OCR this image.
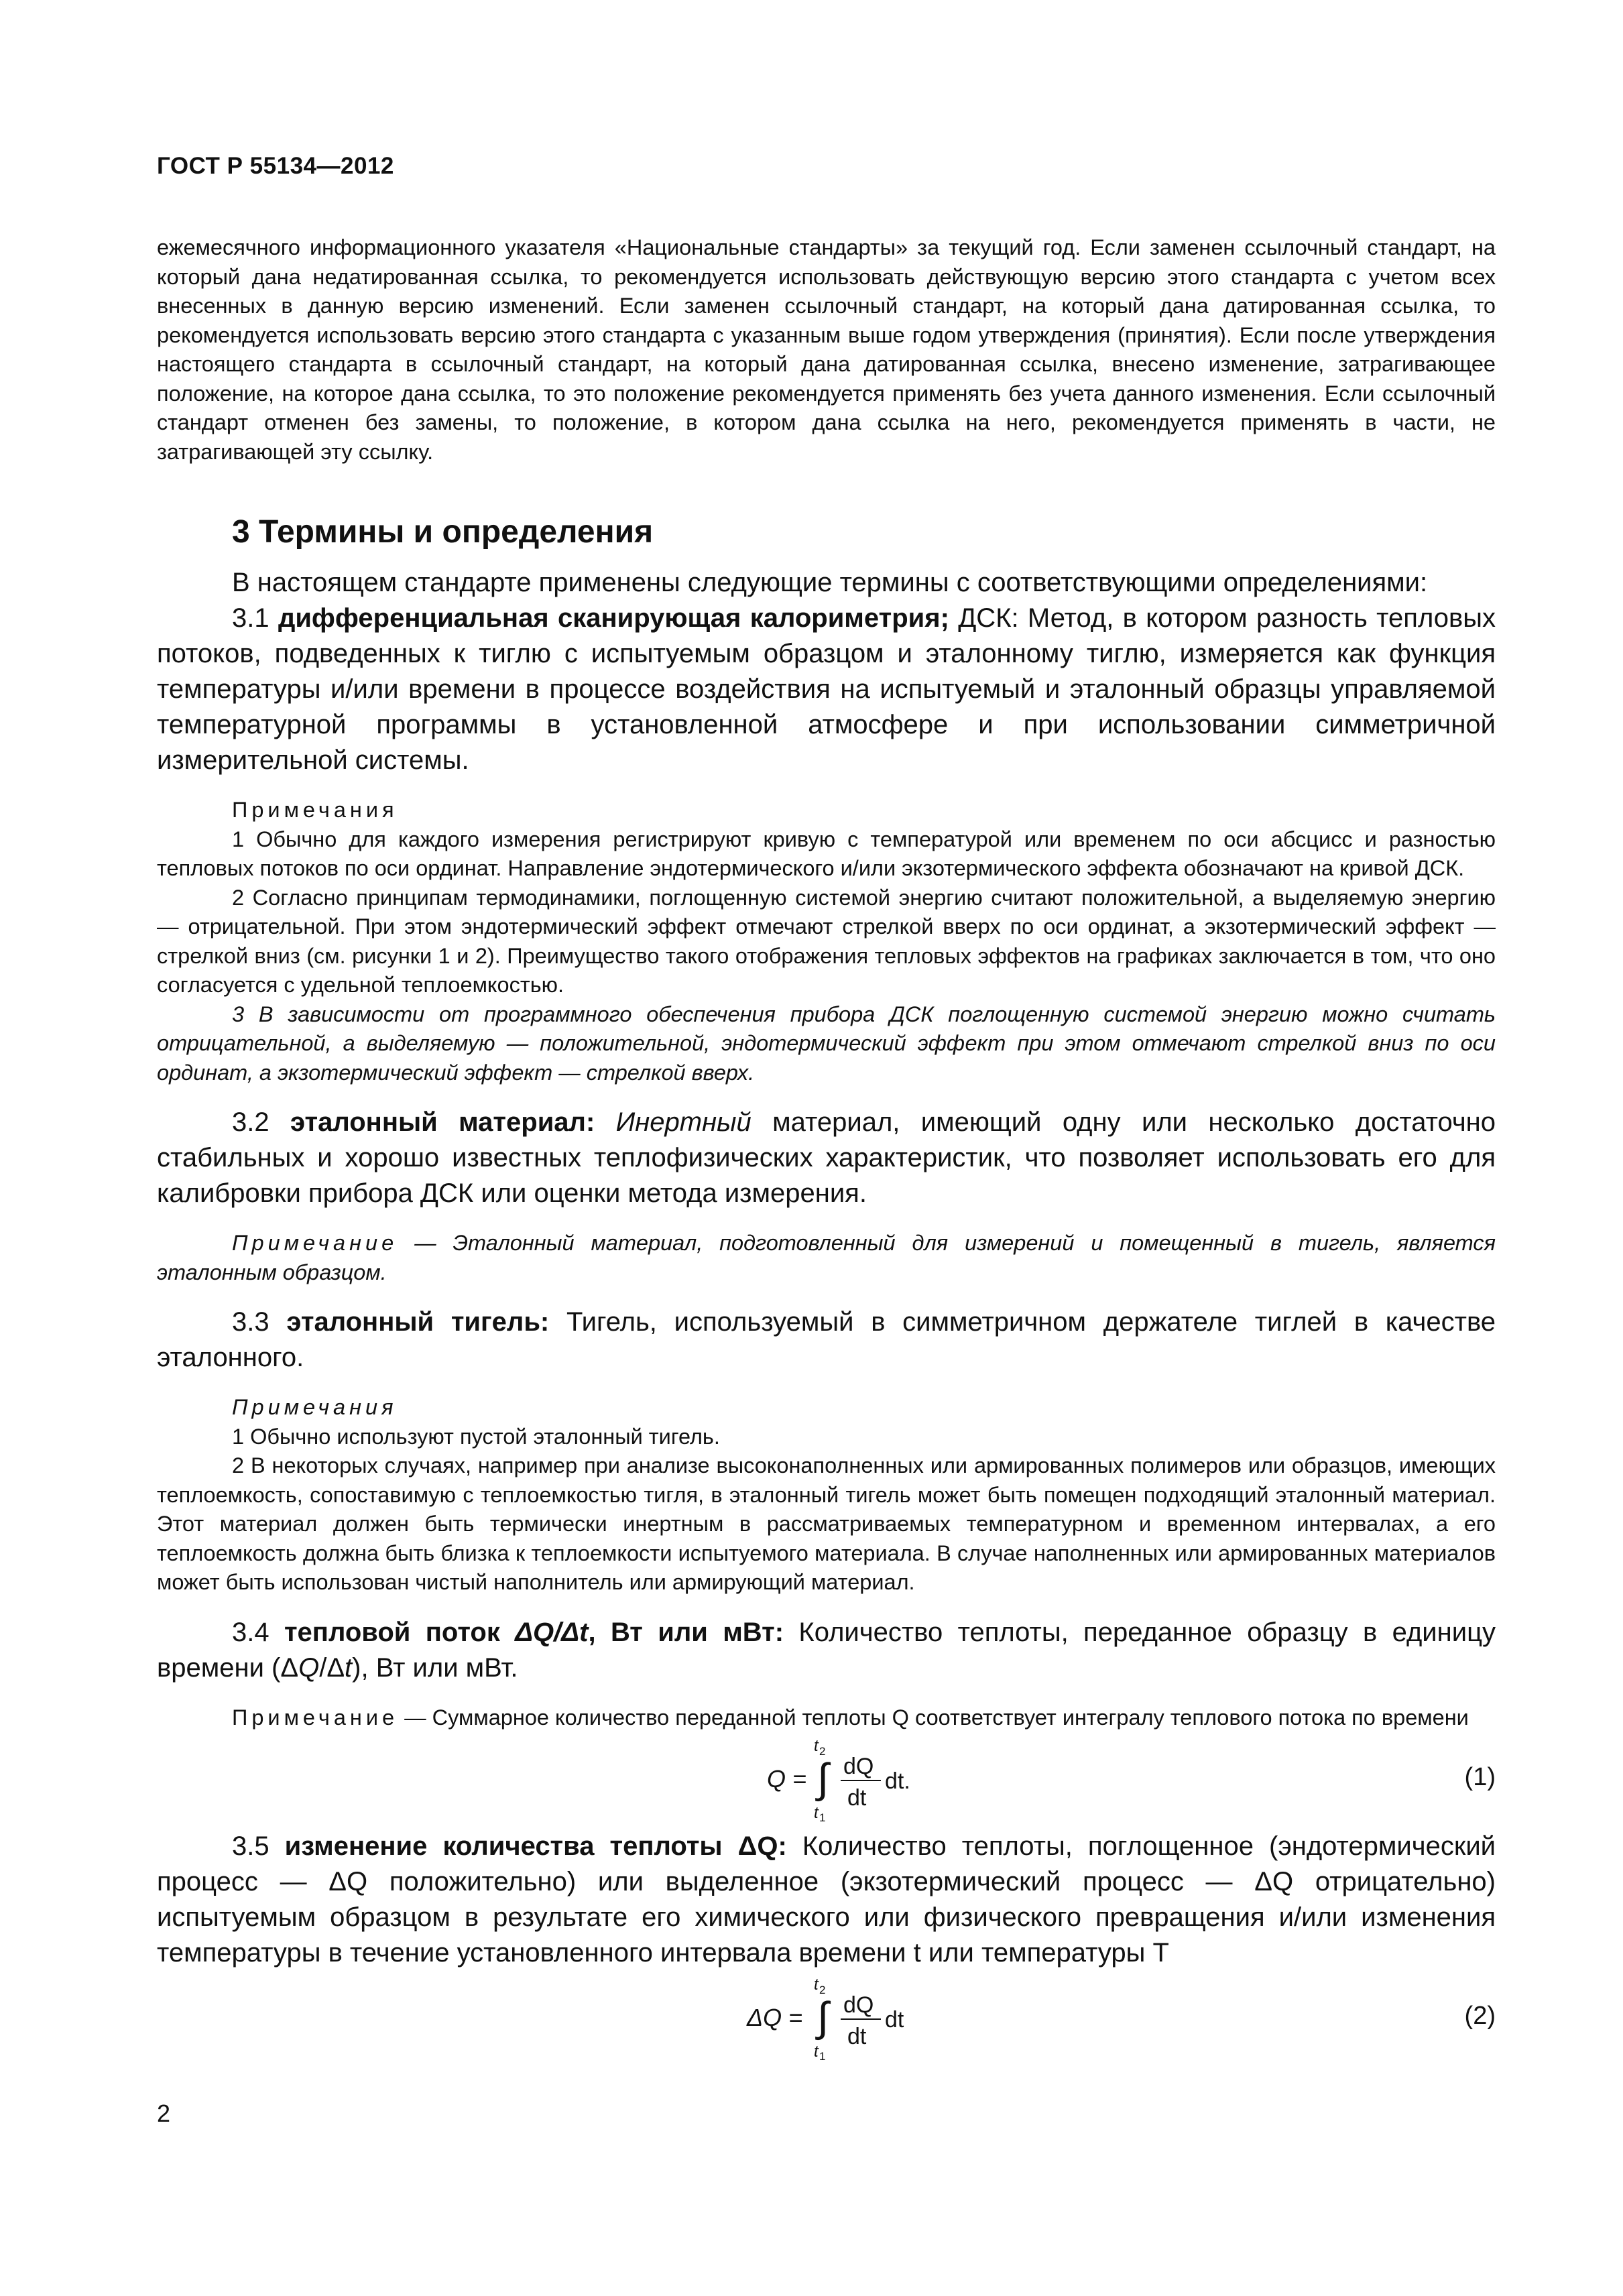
ГОСТ Р 55134—2012

ежемесячного информационного указателя «Национальные стандарты» за текущий год. Если заменен ссылочный стандарт, на который дана недатированная ссылка, то рекомендуется использовать действующую версию этого стандарта с учетом всех внесенных в данную версию изменений. Если заменен ссылочный стандарт, на который дана датированная ссылка, то рекомендуется использовать версию этого стандарта с указанным выше годом утверждения (принятия). Если после утверждения настоящего стандарта в ссылочный стандарт, на который дана датированная ссылка, внесено изменение, затрагивающее положение, на которое дана ссылка, то это положение рекомендуется применять без учета данного изменения. Если ссылочный стандарт отменен без замены, то положение, в котором дана ссылка на него, рекомендуется применять в части, не затрагивающей эту ссылку.

3 Термины и определения

В настоящем стандарте применены следующие термины с соответствующими определениями:

3.1 дифференциальная сканирующая калориметрия; ДСК: Метод, в котором разность тепловых потоков, подведенных к тиглю с испытуемым образцом и эталонному тиглю, измеряется как функция температуры и/или времени в процессе воздействия на испытуемый и эталонный образцы управляемой температурной программы в установленной атмосфере и при использовании симметричной измерительной системы.

Примечания

1 Обычно для каждого измерения регистрируют кривую с температурой или временем по оси абсцисс и разностью тепловых потоков по оси ординат. Направление эндотермического и/или экзотермического эффекта обозначают на кривой ДСК.

2 Согласно принципам термодинамики, поглощенную системой энергию считают положительной, а выделяемую энергию — отрицательной. При этом эндотермический эффект отмечают стрелкой вверх по оси ординат, а экзотермический эффект — стрелкой вниз (см. рисунки 1 и 2). Преимущество такого отображения тепловых эффектов на графиках заключается в том, что оно согласуется с удельной теплоемкостью.

3 В зависимости от программного обеспечения прибора ДСК поглощенную системой энергию можно считать отрицательной, а выделяемую — положительной, эндотермический эффект при этом отмечают стрелкой вниз по оси ординат, а экзотермический эффект — стрелкой вверх.

3.2 эталонный материал: Инертный материал, имеющий одну или несколько достаточно стабильных и хорошо известных теплофизических характеристик, что позволяет использовать его для калибровки прибора ДСК или оценки метода измерения.

Примечание — Эталонный материал, подготовленный для измерений и помещенный в тигель, является эталонным образцом.

3.3 эталонный тигель: Тигель, используемый в симметричном держателе тиглей в качестве эталонного.

Примечания

1 Обычно используют пустой эталонный тигель.

2 В некоторых случаях, например при анализе высоконаполненных или армированных полимеров или образцов, имеющих теплоемкость, сопоставимую с теплоемкостью тигля, в эталонный тигель может быть помещен подходящий эталонный материал. Этот материал должен быть термически инертным в рассматриваемых температурном и временном интервалах, а его теплоемкость должна быть близка к теплоемкости испытуемого материала. В случае наполненных или армированных материалов может быть использован чистый наполнитель или армирующий материал.

3.4 тепловой поток ΔQ/Δt, Вт или мВт: Количество теплоты, переданное образцу в единицу времени (ΔQ/Δt), Вт или мВт.

Примечание — Суммарное количество переданной теплоты Q соответствует интегралу теплового потока по времени

Q = ∫
t 2
t 1
dQ
dt
dt.	(1)

3.5 изменение количества теплоты ΔQ: Количество теплоты, поглощенное (эндотермический процесс — ΔQ положительно) или выделенное (экзотермический процесс — ΔQ отрицательно) испытуемым образцом в результате его химического или физического превращения и/или изменения температуры в течение установленного интервала времени t или температуры T

ΔQ = ∫
t 2
t 1
dQ
dt
dt	(2)
2
